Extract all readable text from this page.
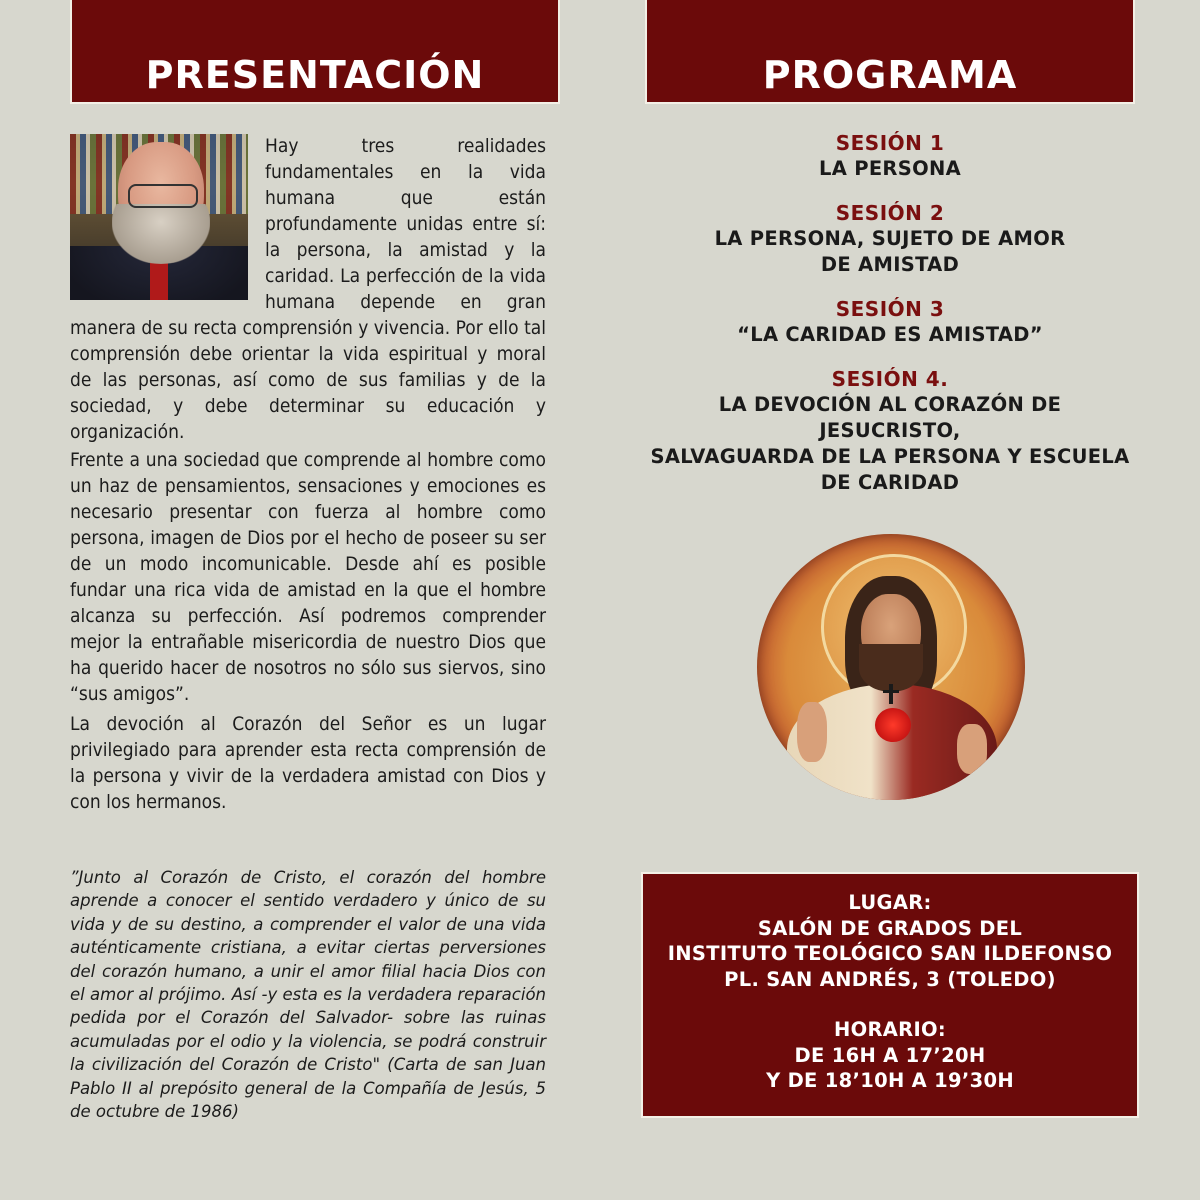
PRESENTACIÓN	PROGRAMA
Hay tres realidades fundamentales en la vida humana que están profundamente unidas entre sí: la persona, la amistad y la caridad. La perfección de la vida humana depende en gran manera de su recta comprensión y vivencia. Por ello tal comprensión debe orientar la vida espiritual y moral de las personas, así como de sus familias y de la sociedad, y debe determinar su educación y organización.

Frente a una sociedad que comprende al hombre como un haz de pensamientos, sensaciones y emociones es necesario presentar con fuerza al hombre como persona, imagen de Dios por el hecho de poseer su ser de un modo incomunicable. Desde ahí es posible fundar una rica vida de amistad en la que el hombre alcanza su perfección. Así podremos comprender mejor la entrañable misericordia de nuestro Dios que ha querido hacer de nosotros no sólo sus siervos, sino “sus amigos”.

La devoción al Corazón del Señor es un lugar privilegiado para aprender esta recta comprensión de la persona y vivir de la verdadera amistad con Dios y con los hermanos.

”Junto al Corazón de Cristo, el corazón del hombre aprende a conocer el sentido verdadero y único de su vida y de su destino, a comprender el valor de una vida auténticamente cristiana, a evitar ciertas perversiones del corazón humano, a unir el amor filial hacia Dios con el amor al prójimo. Así -y esta es la verdadera reparación pedida por el Corazón del Salvador- sobre las ruinas acumuladas por el odio y la violencia, se podrá construir la civilización del Corazón de Cristo" (Carta de san Juan Pablo II al prepósito general de la Compañía de Jesús, 5 de octubre de 1986)

SESIÓN 1
LA PERSONA
SESIÓN 2
LA PERSONA, SUJETO DE AMOR
DE AMISTAD
SESIÓN 3
“LA CARIDAD ES AMISTAD”
SESIÓN 4.
LA DEVOCIÓN AL CORAZÓN DE JESUCRISTO,
SALVAGUARDA DE LA PERSONA Y ESCUELA
DE CARIDAD
LUGAR:
SALÓN DE GRADOS DEL
INSTITUTO TEOLÓGICO SAN ILDEFONSO
PL. SAN ANDRÉS, 3 (TOLEDO)
HORARIO:
DE 16H A 17’20H
Y DE 18’10H A 19’30H
